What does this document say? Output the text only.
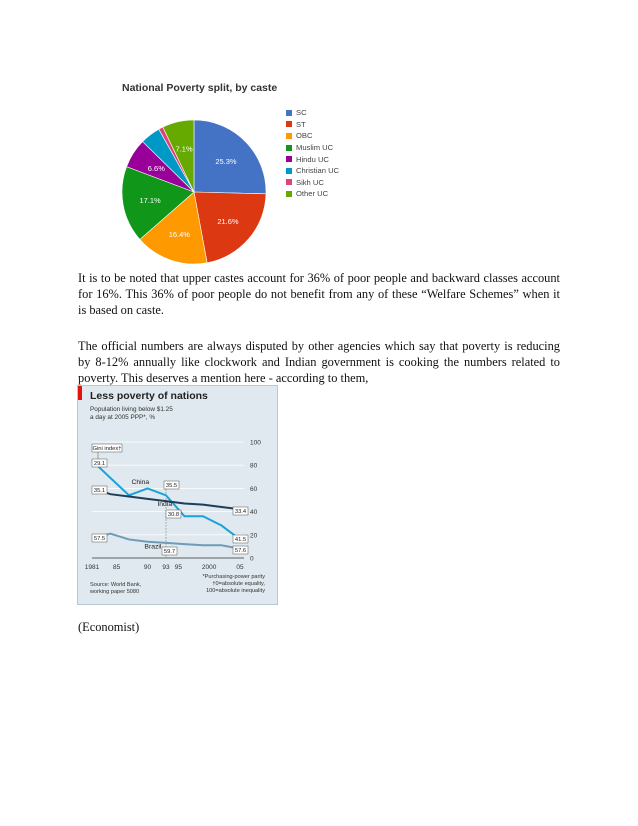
25.3%
21.6%
16.4%
17.1%
6.6%
7.1%
National Poverty split, by caste
SC
ST
OBC
Muslim UC
Hindu UC
Christian UC
Sikh UC
Other UC

It is to be noted that upper castes account for 36% of poor people and backward classes account for 16%. This 36% of poor people do not benefit from any of these “Welfare Schemes” when it is based on caste.

The official numbers are always disputed by other agencies which say that poverty is reducing by 8-12% annually like clockwork and Indian government is cooking the numbers related to poverty. This deserves a mention here - according to them,

100
80
60
40
20
0
1981 85	90 93 95	2000	05
China
India
Brazil
Gini index†
29.1
35.1
57.5
35.5
30.8
59.7
33.4
41.5
57.6
Less poverty of nations
Population living below $1.25
a day at 2005 PPP*, %
Source: World Bank,
working paper 5080
*Purchasing-power parity
†0=absolute equality,
100=absolute inequality
(Economist)
